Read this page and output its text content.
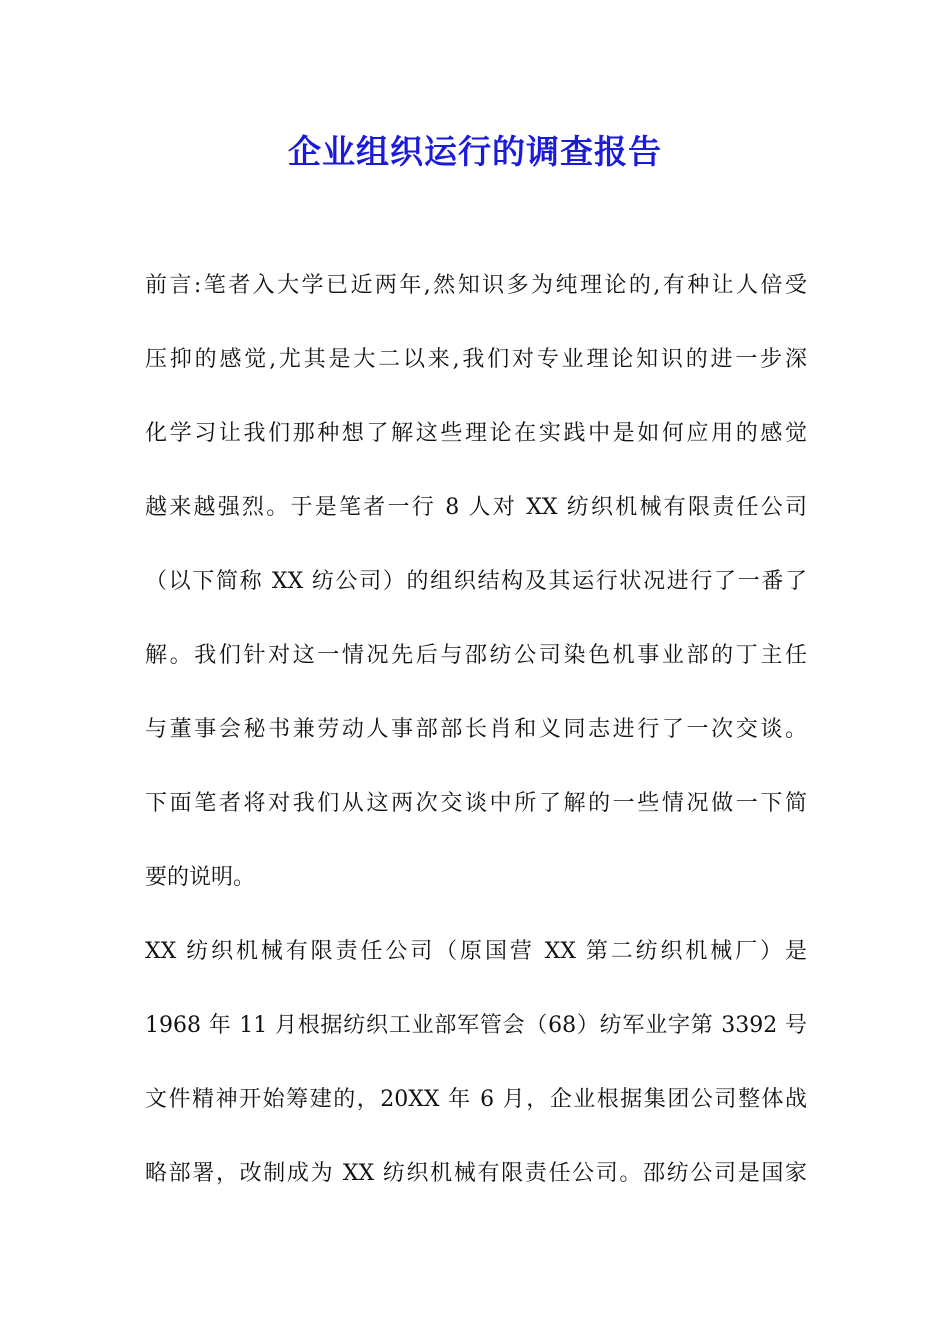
企业组织运行的调查报告
前言:笔者入大学已近两年,然知识多为纯理论的,有种让人倍受
压抑的感觉,尤其是大二以来,我们对专业理论知识的进一步深
化学习让我们那种想了解这些理论在实践中是如何应用的感觉
越来越强烈。于是笔者一行 8 人对 XX 纺织机械有限责任公司
（以下简称 XX 纺公司）的组织结构及其运行状况进行了一番了
解。我们针对这一情况先后与邵纺公司染色机事业部的丁主任
与董事会秘书兼劳动人事部部长肖和义同志进行了一次交谈。
下面笔者将对我们从这两次交谈中所了解的一些情况做一下简
要的说明。
XX 纺织机械有限责任公司（原国营 XX 第二纺织机械厂）是
1968 年 11 月根据纺织工业部军管会（68）纺军业字第 3392 号
文件精神开始筹建的，20XX 年 6 月，企业根据集团公司整体战
略部署，改制成为 XX 纺织机械有限责任公司。邵纺公司是国家
